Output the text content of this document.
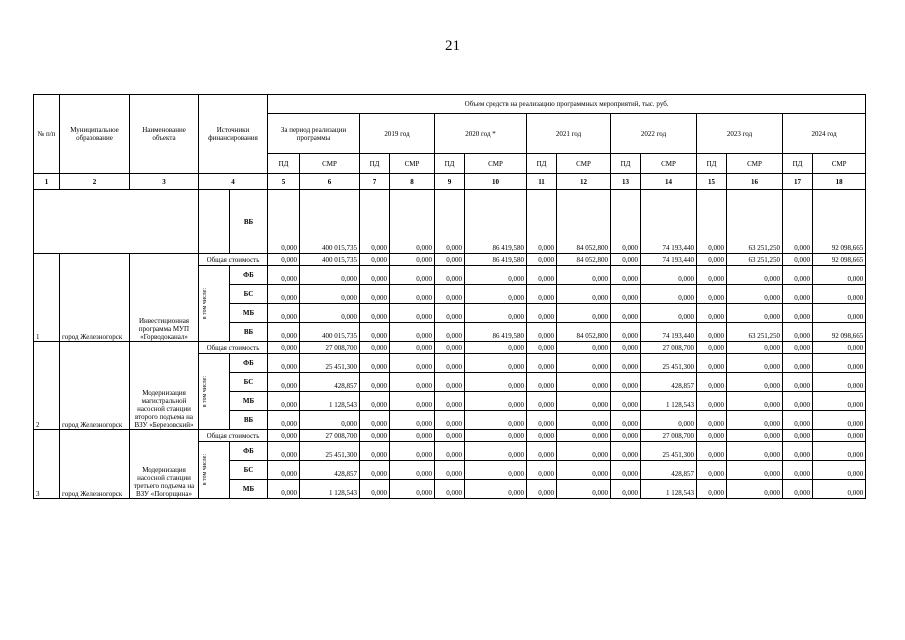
21
№ п/п	Муниципальное образование	Наименование объекта	Источники финансирования		Объем средств на реализацию программных мероприятий, тыс. руб.													
					За период реализации программы		2019 год		2020 год *		2021 год		2022 год		2023 год		2024 год	
					ПД	СМР	ПД	СМР	ПД	СМР	ПД	СМР	ПД	СМР	ПД	СМР	ПД	СМР
1	2	3	4		5	6	7	8	9	10	11	12	13	14	15	16	17	18
				ВБ	0,000	400 015,735	0,000	0,000	0,000	86 419,580	0,000	84 052,800	0,000	74 193,440	0,000	63 251,250	0,000	92 098,665
1	город Железногорск	Инвестиционная программа МУП «Горводоканал»	Общая стоимость		0,000	400 015,735	0,000	0,000	0,000	86 419,580	0,000	84 052,800	0,000	74 193,440	0,000	63 251,250	0,000	92 098,665

			в том числе:	ФБ	0,000	0,000	0,000	0,000	0,000	0,000	0,000	0,000	0,000	0,000	0,000	0,000	0,000	0,000
				БС	0,000	0,000	0,000	0,000	0,000	0,000	0,000	0,000	0,000	0,000	0,000	0,000	0,000	0,000
				МБ	0,000	0,000	0,000	0,000	0,000	0,000	0,000	0,000	0,000	0,000	0,000	0,000	0,000	0,000
				ВБ	0,000	400 015,735	0,000	0,000	0,000	86 419,580	0,000	84 052,800	0,000	74 193,440	0,000	63 251,250	0,000	92 098,665
2	город Железногорск	Модернизация магистральной насосной станции второго подъема на ВЗУ «Березовский»	Общая стоимость		0,000	27 008,700	0,000	0,000	0,000	0,000	0,000	0,000	0,000	27 008,700	0,000	0,000	0,000	0,000

			в том числе:	ФБ	0,000	25 451,300	0,000	0,000	0,000	0,000	0,000	0,000	0,000	25 451,300	0,000	0,000	0,000	0,000
				БС	0,000	428,857	0,000	0,000	0,000	0,000	0,000	0,000	0,000	428,857	0,000	0,000	0,000	0,000
				МБ	0,000	1 128,543	0,000	0,000	0,000	0,000	0,000	0,000	0,000	1 128,543	0,000	0,000	0,000	0,000
				ВБ	0,000	0,000	0,000	0,000	0,000	0,000	0,000	0,000	0,000	0,000	0,000	0,000	0,000	0,000
3	город Железногорск	Модернизация насосной станции третьего подъема на ВЗУ «Погорщина»	Общая стоимость		0,000	27 008,700	0,000	0,000	0,000	0,000	0,000	0,000	0,000	27 008,700	0,000	0,000	0,000	0,000

			в том числе:	ФБ	0,000	25 451,300	0,000	0,000	0,000	0,000	0,000	0,000	0,000	25 451,300	0,000	0,000	0,000	0,000
				БС	0,000	428,857	0,000	0,000	0,000	0,000	0,000	0,000	0,000	428,857	0,000	0,000	0,000	0,000
				МБ	0,000	1 128,543	0,000	0,000	0,000	0,000	0,000	0,000	0,000	1 128,543	0,000	0,000	0,000	0,000
